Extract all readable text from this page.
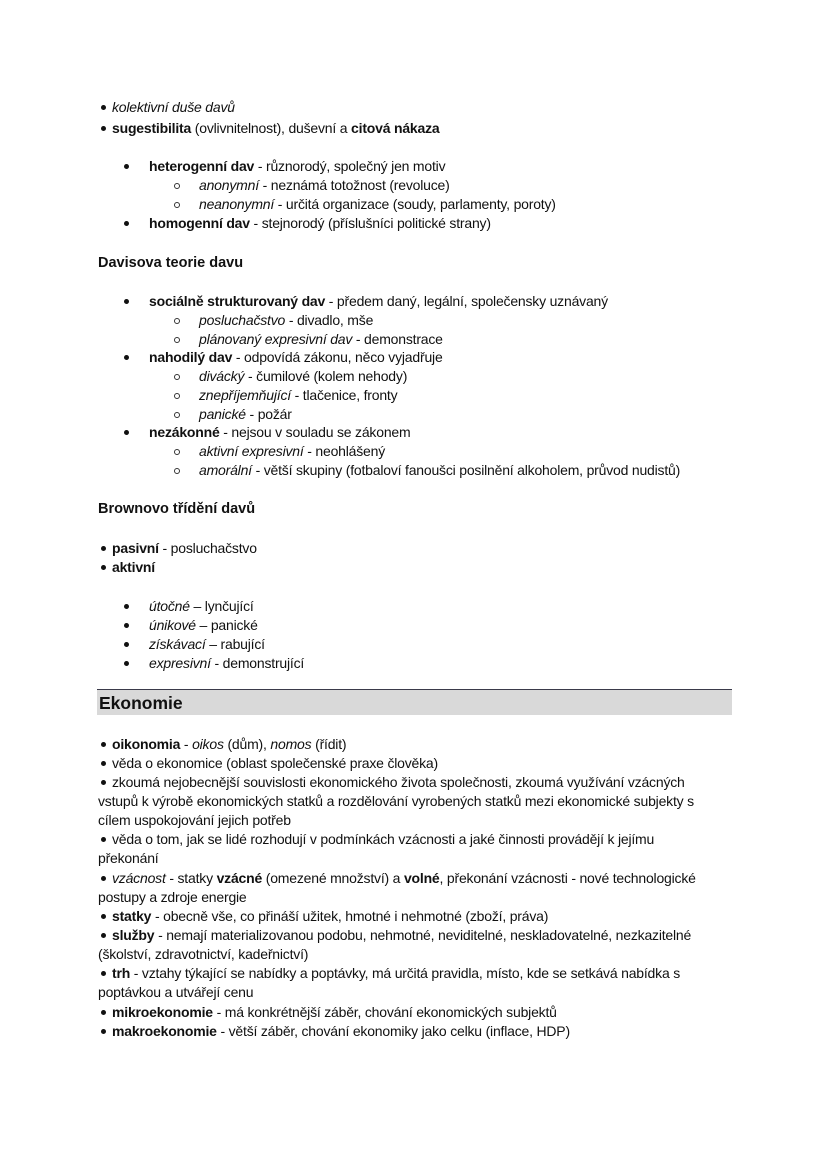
kolektivní duše davů
sugestibilita (ovlivnitelnost), duševní a citová nákaza
heterogenní dav - různorodý, společný jen motiv
anonymní - neznámá totožnost (revoluce)
neanonymní - určitá organizace (soudy, parlamenty, poroty)
homogenní dav - stejnorodý (příslušníci politické strany)
Davisova teorie davu
sociálně strukturovaný dav - předem daný, legální, společensky uznávaný
posluchačstvo - divadlo, mše
plánovaný expresivní dav - demonstrace
nahodilý dav - odpovídá zákonu, něco vyjadřuje
divácký - čumilové (kolem nehody)
znepříjemňující - tlačenice, fronty
panické - požár
nezákonné - nejsou v souladu se zákonem
aktivní expresivní - neohlášený
amorální - větší skupiny (fotbaloví fanoušci posilnění alkoholem, průvod nudistů)
Brownovo třídění davů
pasivní - posluchačstvo
aktivní
útočné – lynčující
únikové – panické
získávací – rabující
expresivní - demonstrující
Ekonomie
oikonomia - oikos (dům), nomos (řídit)
věda o ekonomice (oblast společenské praxe člověka)
zkoumá nejobecnější souvislosti ekonomického života společnosti, zkoumá využívání vzácných
vstupů k výrobě ekonomických statků a rozdělování vyrobených statků mezi ekonomické subjekty s
cílem uspokojování jejich potřeb
věda o tom, jak se lidé rozhodují v podmínkách vzácnosti a jaké činnosti provádějí k jejímu
překonání
vzácnost - statky vzácné (omezené množství) a volné, překonání vzácnosti - nové technologické
postupy a zdroje energie
statky - obecně vše, co přináší užitek, hmotné i nehmotné (zboží, práva)
služby - nemají materializovanou podobu, nehmotné, neviditelné, neskladovatelné, nezkazitelné
(školství, zdravotnictví, kadeřnictví)
trh - vztahy týkající se nabídky a poptávky, má určitá pravidla, místo, kde se setkává nabídka s
poptávkou a utvářejí cenu
mikroekonomie - má konkrétnější záběr, chování ekonomických subjektů
makroekonomie - větší záběr, chování ekonomiky jako celku (inflace, HDP)
